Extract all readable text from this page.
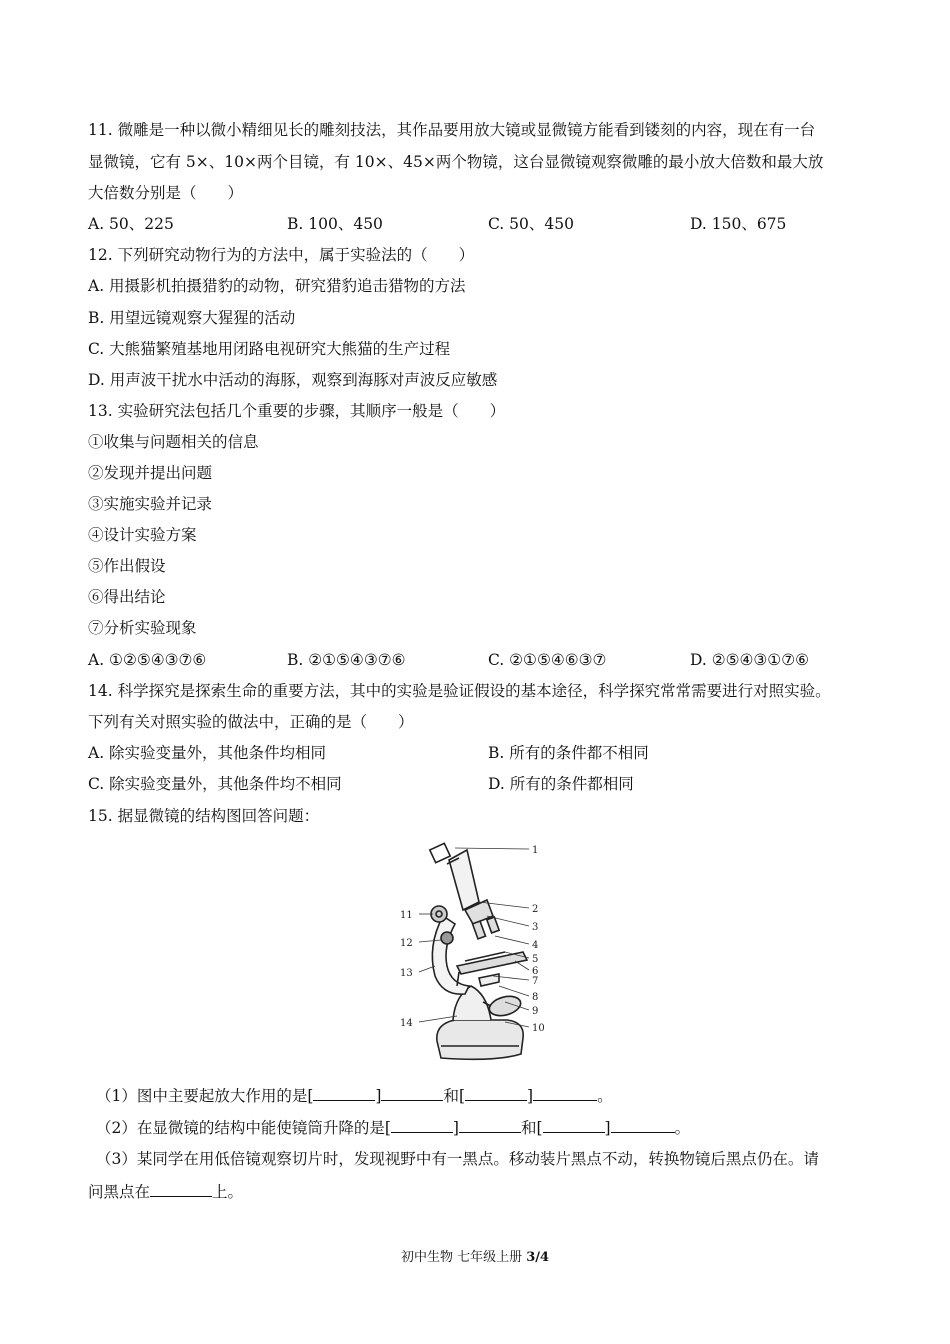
11. 微雕是一种以微小精细见长的雕刻技法，其作品要用放大镜或显微镜方能看到镂刻的内容，现在有一台
显微镜，它有 5×、10×两个目镜，有 10×、45×两个物镜，这台显微镜观察微雕的最小放大倍数和最大放
大倍数分别是（　　）
A. 50、225	B. 100、450	C. 50、450	D. 150、675
12. 下列研究动物行为的方法中，属于实验法的（　　）
A. 用摄影机拍摄猎豹的动物，研究猎豹追击猎物的方法
B. 用望远镜观察大猩猩的活动
C. 大熊猫繁殖基地用闭路电视研究大熊猫的生产过程
D. 用声波干扰水中活动的海豚，观察到海豚对声波反应敏感
13. 实验研究法包括几个重要的步骤，其顺序一般是（　　）
①收集与问题相关的信息
②发现并提出问题
③实施实验并记录
④设计实验方案
⑤作出假设
⑥得出结论
⑦分析实验现象
A. ①②⑤④③⑦⑥	B. ②①⑤④③⑦⑥	C. ②①⑤④⑥③⑦	D. ②⑤④③①⑦⑥
14. 科学探究是探索生命的重要方法，其中的实验是验证假设的基本途径，科学探究常常需要进行对照实验。
下列有关对照实验的做法中，正确的是（　　）
A. 除实验变量外，其他条件均相同	B. 所有的条件都不相同
C. 除实验变量外，其他条件均不相同	D. 所有的条件都相同
15. 据显微镜的结构图回答问题：
1
2
3
4
5
6
7
8
9
10
11
12
13
14
（1）图中主要起放大作用的是[	]	和[	]	。
（2）在显微镜的结构中能使镜筒升降的是[	]	和[	]	。
（3）某同学在用低倍镜观察切片时，发现视野中有一黑点。移动装片黑点不动，转换物镜后黑点仍在。请
问黑点在	上。
初中生物 七年级上册 3/4
